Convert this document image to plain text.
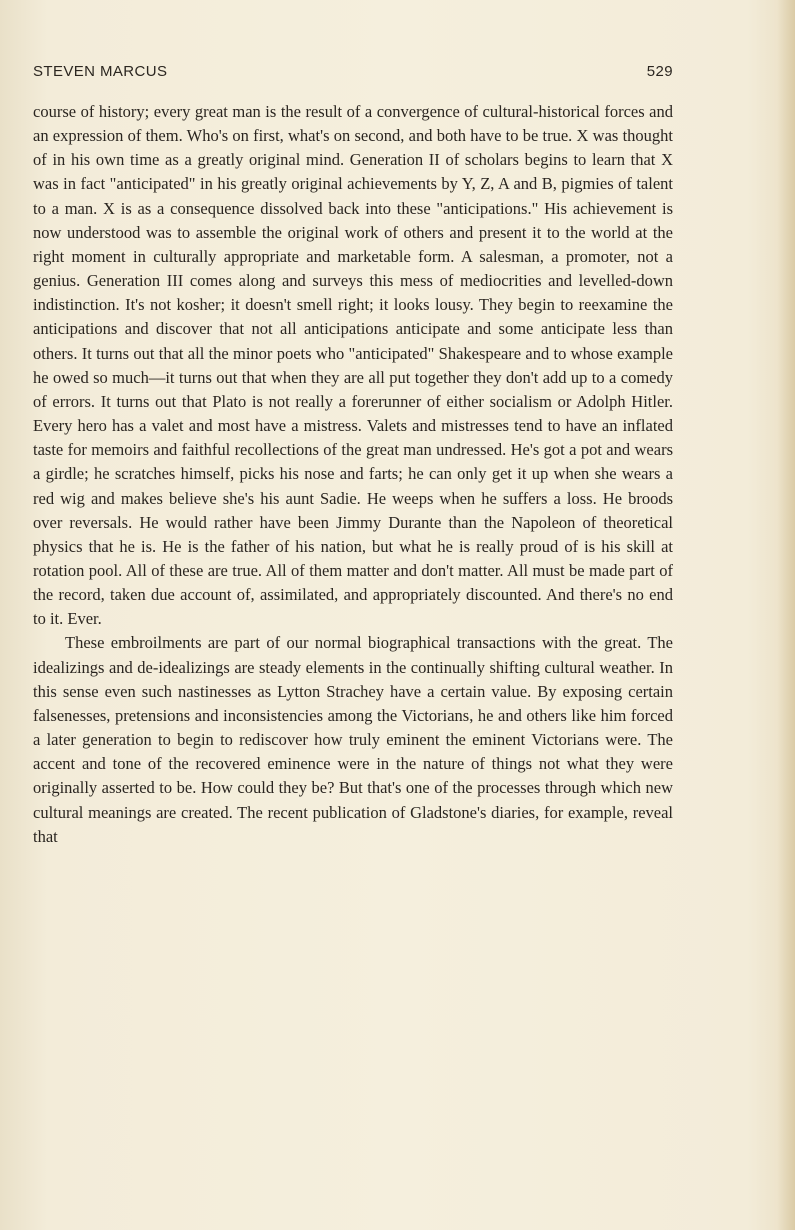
STEVEN MARCUS	529

course of history; every great man is the result of a convergence of cultural-historical forces and an expression of them. Who's on first, what's on second, and both have to be true. X was thought of in his own time as a greatly original mind. Generation II of scholars begins to learn that X was in fact "anticipated" in his greatly original achievements by Y, Z, A and B, pigmies of talent to a man. X is as a consequence dissolved back into these "anticipations." His achievement is now understood was to assemble the original work of others and present it to the world at the right moment in culturally appropriate and marketable form. A salesman, a promoter, not a genius. Generation III comes along and surveys this mess of mediocrities and levelled-down indistinction. It's not kosher; it doesn't smell right; it looks lousy. They begin to reexamine the anticipations and discover that not all anticipations anticipate and some anticipate less than others. It turns out that all the minor poets who "anticipated" Shakespeare and to whose example he owed so much—it turns out that when they are all put together they don't add up to a comedy of errors. It turns out that Plato is not really a forerunner of either socialism or Adolph Hitler. Every hero has a valet and most have a mistress. Valets and mistresses tend to have an inflated taste for memoirs and faithful recollections of the great man undressed. He's got a pot and wears a girdle; he scratches himself, picks his nose and farts; he can only get it up when she wears a red wig and makes believe she's his aunt Sadie. He weeps when he suffers a loss. He broods over reversals. He would rather have been Jimmy Durante than the Napoleon of theoretical physics that he is. He is the father of his nation, but what he is really proud of is his skill at rotation pool. All of these are true. All of them matter and don't matter. All must be made part of the record, taken due account of, assimilated, and appropriately discounted. And there's no end to it. Ever.

These embroilments are part of our normal biographical transactions with the great. The idealizings and de-idealizings are steady elements in the continually shifting cultural weather. In this sense even such nastinesses as Lytton Strachey have a certain value. By exposing certain falsenesses, pretensions and inconsistencies among the Victorians, he and others like him forced a later generation to begin to rediscover how truly eminent the eminent Victorians were. The accent and tone of the recovered eminence were in the nature of things not what they were originally asserted to be. How could they be? But that's one of the processes through which new cultural meanings are created. The recent publication of Gladstone's diaries, for example, reveal that
